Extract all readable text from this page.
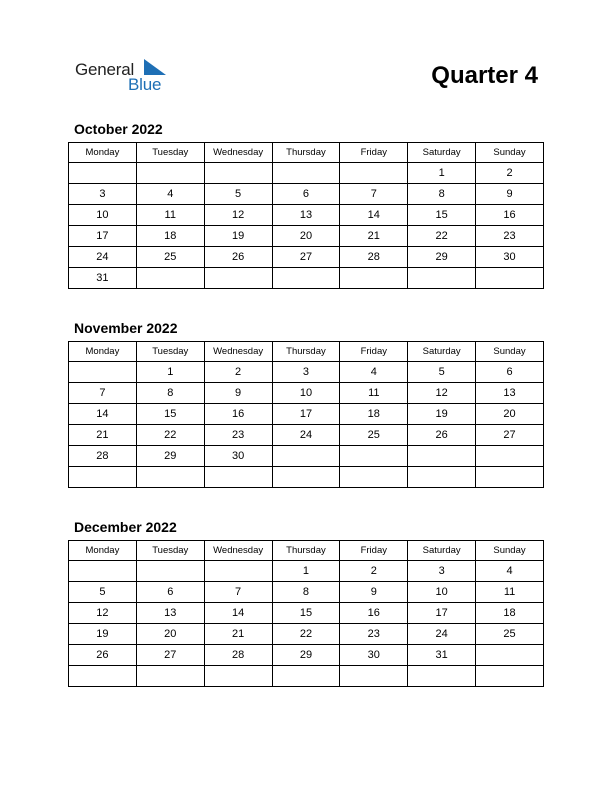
General
Blue	Quarter 4
October 2022
Monday	Tuesday	Wednesday	Thursday	Friday	Saturday	Sunday
					1	2
3	4	5	6	7	8	9
10	11	12	13	14	15	16
17	18	19	20	21	22	23
24	25	26	27	28	29	30
31						
November 2022
Monday	Tuesday	Wednesday	Thursday	Friday	Saturday	Sunday
	1	2	3	4	5	6
7	8	9	10	11	12	13
14	15	16	17	18	19	20
21	22	23	24	25	26	27
28	29	30				

December 2022
Monday	Tuesday	Wednesday	Thursday	Friday	Saturday	Sunday
			1	2	3	4
5	6	7	8	9	10	11
12	13	14	15	16	17	18
19	20	21	22	23	24	25
26	27	28	29	30	31	
